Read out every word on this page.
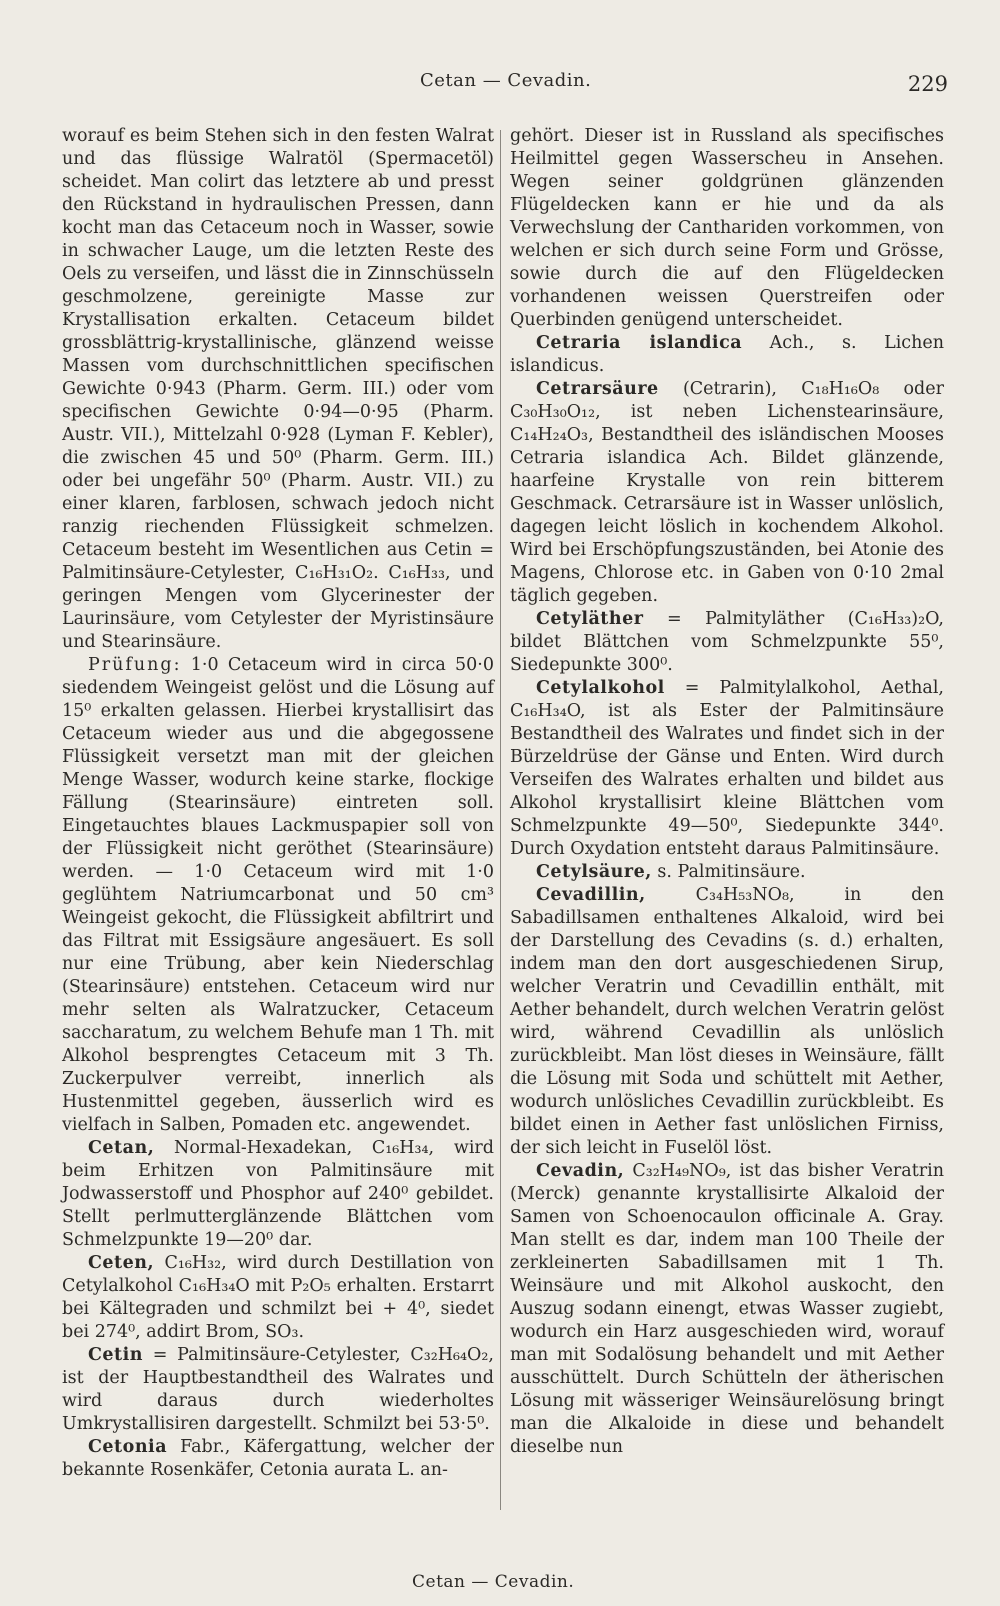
Cetan — Cevadin.	229

worauf es beim Stehen sich in den festen Walrat und das flüssige Walratöl (Spermacetöl) scheidet. Man colirt das letztere ab und presst den Rückstand in hydraulischen Pressen, dann kocht man das Cetaceum noch in Wasser, sowie in schwacher Lauge, um die letzten Reste des Oels zu verseifen, und lässt die in Zinnschüsseln geschmolzene, gereinigte Masse zur Krystallisation erkalten. Cetaceum bildet grossblättrig-krystallinische, glänzend weisse Massen vom durchschnittlichen specifischen Gewichte 0·943 (Pharm. Germ. III.) oder vom specifischen Gewichte 0·94—0·95 (Pharm. Austr. VII.), Mittelzahl 0·928 (Lyman F. Kebler), die zwischen 45 und 50⁰ (Pharm. Germ. III.) oder bei ungefähr 50⁰ (Pharm. Austr. VII.) zu einer klaren, farblosen, schwach jedoch nicht ranzig riechenden Flüssigkeit schmelzen. Cetaceum besteht im Wesentlichen aus Cetin = Palmitinsäure-Cetylester, C₁₆H₃₁O₂. C₁₆H₃₃, und geringen Mengen vom Glycerinester der Laurinsäure, vom Cetylester der Myristinsäure und Stearinsäure.

Prüfung: 1·0 Cetaceum wird in circa 50·0 siedendem Weingeist gelöst und die Lösung auf 15⁰ erkalten gelassen. Hierbei krystallisirt das Cetaceum wieder aus und die abgegossene Flüssigkeit versetzt man mit der gleichen Menge Wasser, wodurch keine starke, flockige Fällung (Stearinsäure) eintreten soll. Eingetauchtes blaues Lackmuspapier soll von der Flüssigkeit nicht geröthet (Stearinsäure) werden. — 1·0 Cetaceum wird mit 1·0 geglühtem Natriumcarbonat und 50 cm³ Weingeist gekocht, die Flüssigkeit abfiltrirt und das Filtrat mit Essigsäure angesäuert. Es soll nur eine Trübung, aber kein Niederschlag (Stearinsäure) entstehen. Cetaceum wird nur mehr selten als Walratzucker, Cetaceum saccharatum, zu welchem Behufe man 1 Th. mit Alkohol besprengtes Cetaceum mit 3 Th. Zuckerpulver verreibt, innerlich als Hustenmittel gegeben, äusserlich wird es vielfach in Salben, Pomaden etc. angewendet.

Cetan, Normal-Hexadekan, C₁₆H₃₄, wird beim Erhitzen von Palmitinsäure mit Jodwasserstoff und Phosphor auf 240⁰ gebildet. Stellt perlmutterglänzende Blättchen vom Schmelzpunkte 19—20⁰ dar.

Ceten, C₁₆H₃₂, wird durch Destillation von Cetylalkohol C₁₆H₃₄O mit P₂O₅ erhalten. Erstarrt bei Kältegraden und schmilzt bei + 4⁰, siedet bei 274⁰, addirt Brom, SO₃.

Cetin = Palmitinsäure-Cetylester, C₃₂H₆₄O₂, ist der Hauptbestandtheil des Walrates und wird daraus durch wiederholtes Umkrystallisiren dargestellt. Schmilzt bei 53·5⁰.

Cetonia Fabr., Käfergattung, welcher der bekannte Rosenkäfer, Cetonia aurata L. an-

gehört. Dieser ist in Russland als specifisches Heilmittel gegen Wasserscheu in Ansehen. Wegen seiner goldgrünen glänzenden Flügeldecken kann er hie und da als Verwechslung der Canthariden vorkommen, von welchen er sich durch seine Form und Grösse, sowie durch die auf den Flügeldecken vorhandenen weissen Querstreifen oder Querbinden genügend unterscheidet.

Cetraria islandica Ach., s. Lichen islandicus.

Cetrarsäure (Cetrarin), C₁₈H₁₆O₈ oder C₃₀H₃₀O₁₂, ist neben Lichenstearinsäure, C₁₄H₂₄O₃, Bestandtheil des isländischen Mooses Cetraria islandica Ach. Bildet glänzende, haarfeine Krystalle von rein bitterem Geschmack. Cetrarsäure ist in Wasser unlöslich, dagegen leicht löslich in kochendem Alkohol. Wird bei Erschöpfungszuständen, bei Atonie des Magens, Chlorose etc. in Gaben von 0·10 2mal täglich gegeben.

Cetyläther = Palmityläther (C₁₆H₃₃)₂O, bildet Blättchen vom Schmelzpunkte 55⁰, Siedepunkte 300⁰.

Cetylalkohol = Palmitylalkohol, Aethal, C₁₆H₃₄O, ist als Ester der Palmitinsäure Bestandtheil des Walrates und findet sich in der Bürzeldrüse der Gänse und Enten. Wird durch Verseifen des Walrates erhalten und bildet aus Alkohol krystallisirt kleine Blättchen vom Schmelzpunkte 49—50⁰, Siedepunkte 344⁰. Durch Oxydation entsteht daraus Palmitinsäure.

Cetylsäure, s. Palmitinsäure.

Cevadillin,	C₃₄H₅₃NO₈, in den Sabadillsamen enthaltenes Alkaloid, wird bei der Darstellung des Cevadins (s. d.) erhalten, indem man den dort ausgeschiedenen Sirup, welcher Veratrin und Cevadillin enthält, mit Aether behandelt, durch welchen Veratrin gelöst wird, während Cevadillin als unlöslich zurückbleibt. Man löst dieses in Weinsäure, fällt die Lösung mit Soda und schüttelt mit Aether, wodurch unlösliches Cevadillin zurückbleibt. Es bildet einen in Aether fast unlöslichen Firniss, der sich leicht in Fuselöl löst.

Cevadin, C₃₂H₄₉NO₉, ist das bisher Veratrin (Merck) genannte krystallisirte Alkaloid der Samen von Schoenocaulon officinale A. Gray. Man stellt es dar, indem man 100 Theile der zerkleinerten Sabadillsamen mit 1 Th. Weinsäure und mit Alkohol auskocht, den Auszug sodann einengt, etwas Wasser zugiebt, wodurch ein Harz ausgeschieden wird, worauf man mit Sodalösung behandelt und mit Aether ausschüttelt. Durch Schütteln der ätherischen Lösung mit wässeriger Weinsäurelösung bringt man die Alkaloide in diese und behandelt dieselbe nun

Cetan — Cevadin.
